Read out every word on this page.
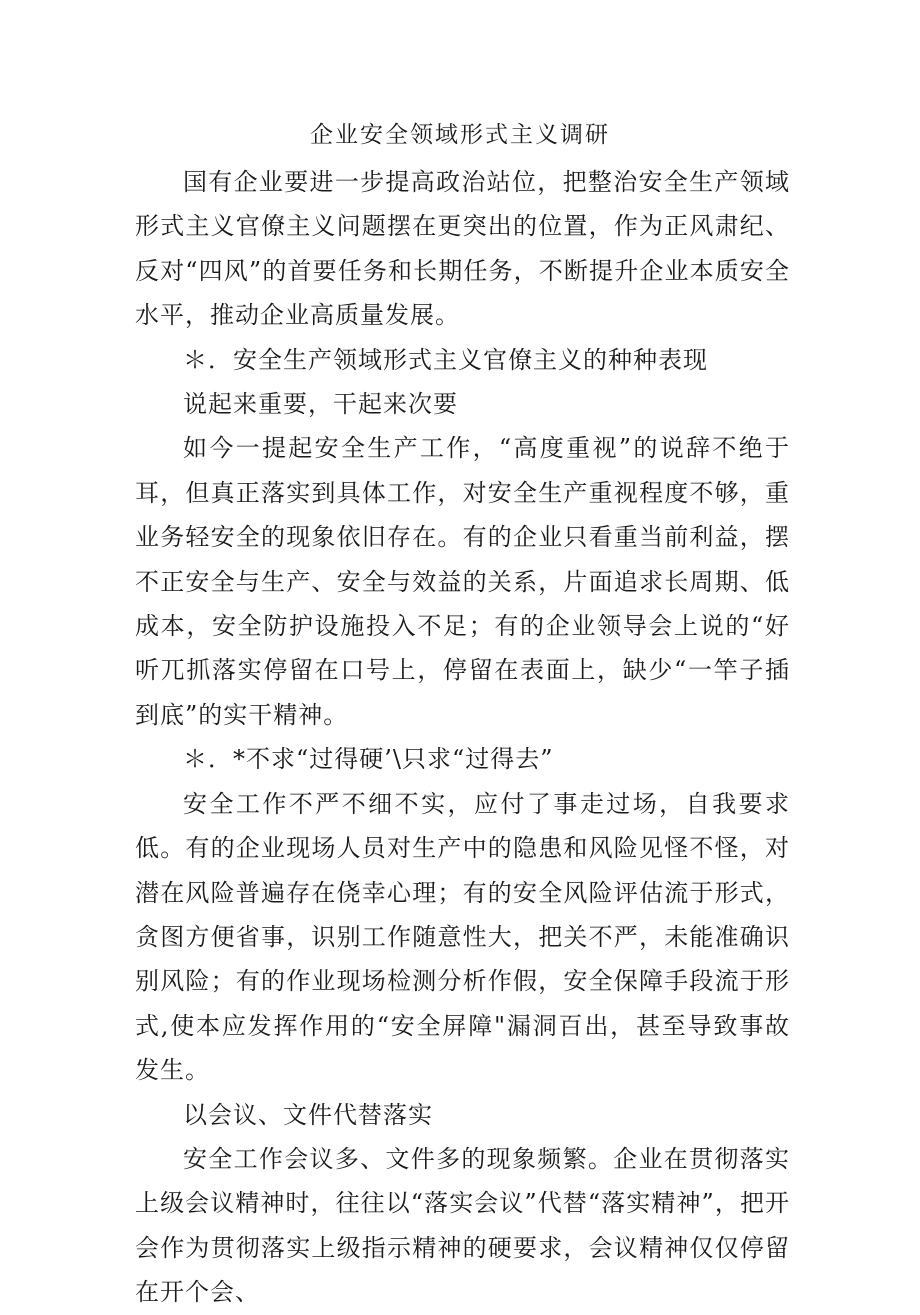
企业安全领域形式主义调研

国有企业要进一步提高政治站位，把整治安全生产领域形式主义官僚主义问题摆在更突出的位置，作为正风肃纪、反对“四风”的首要任务和长期任务，不断提升企业本质安全水平，推动企业高质量发展。

＊．安全生产领域形式主义官僚主义的种种表现

说起来重要，干起来次要

如今一提起安全生产工作，“高度重视”的说辞不绝于耳，但真正落实到具体工作，对安全生产重视程度不够，重业务轻安全的现象依旧存在。有的企业只看重当前利益，摆不正安全与生产、安全与效益的关系，片面追求长周期、低成本，安全防护设施投入不足；有的企业领导会上说的“好听兀抓落实停留在口号上，停留在表面上，缺少“一竿子插到底”的实干精神。

＊．*不求“过得硬’\只求“过得去”

安全工作不严不细不实，应付了事走过场，自我要求低。有的企业现场人员对生产中的隐患和风险见怪不怪，对潜在风险普遍存在侥幸心理；有的安全风险评估流于形式，贪图方便省事，识别工作随意性大，把关不严，未能准确识别风险；有的作业现场检测分析作假，安全保障手段流于形式,使本应发挥作用的“安全屏障"漏洞百出，甚至导致事故发生。

以会议、文件代替落实

安全工作会议多、文件多的现象频繁。企业在贯彻落实上级会议精神时，往往以“落实会议”代替“落实精神”，把开会作为贯彻落实上级指示精神的硬要求，会议精神仅仅停留在开个会、
